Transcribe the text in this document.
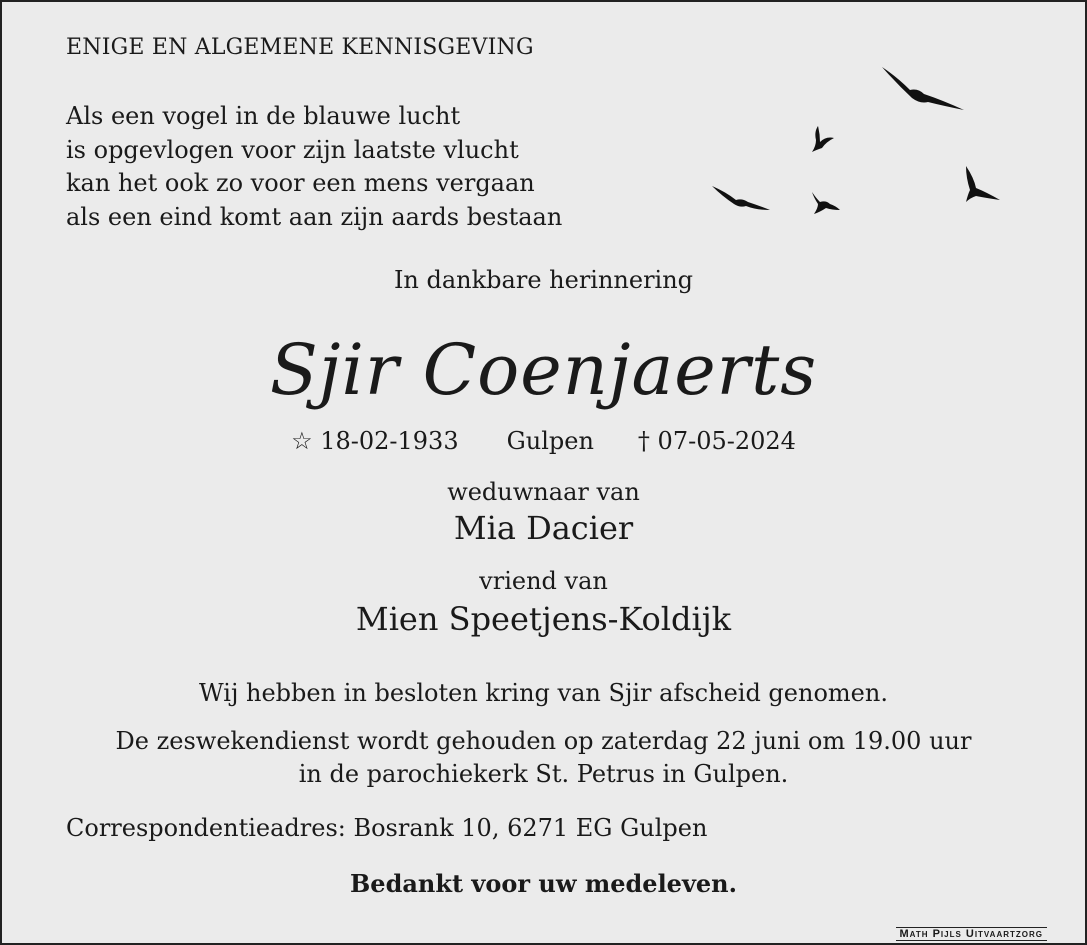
ENIGE EN ALGEMENE KENNISGEVING
Als een vogel in de blauwe lucht
is opgevlogen voor zijn laatste vlucht
kan het ook zo voor een mens vergaan
als een eind komt aan zijn aards bestaan
In dankbare herinnering
Sjir Coenjaerts
☆ 18-02-1933 Gulpen † 07-05-2024
weduwnaar van
Mia Dacier
vriend van
Mien Speetjens-Koldijk
Wij hebben in besloten kring van Sjir afscheid genomen.
De zeswekendienst wordt gehouden op zaterdag 22 juni om 19.00 uur
in de parochiekerk St. Petrus in Gulpen.
Correspondentieadres: Bosrank 10, 6271 EG Gulpen
Bedankt voor uw medeleven.
Math Pijls Uitvaartzorg
